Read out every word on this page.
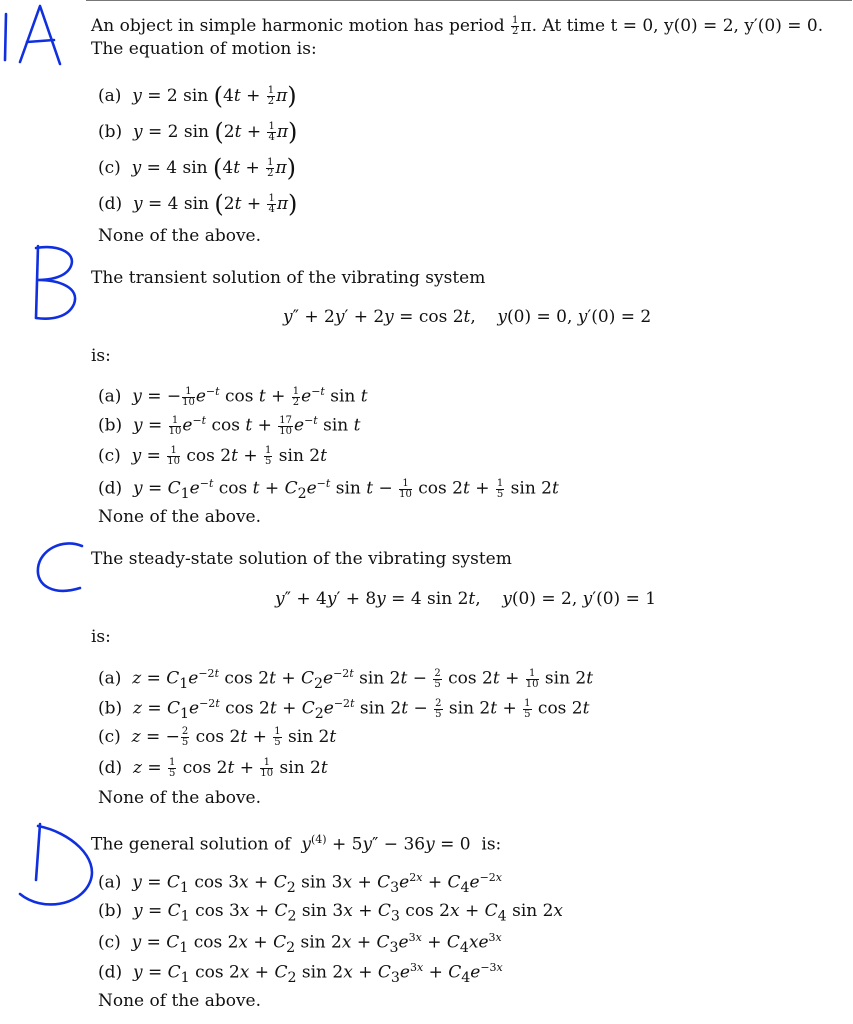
An object in simple harmonic motion has period $\frac{1}{2} \pi$. At time t = 0, y(0) = 2, y′(0) = 0.
The equation of motion is:
(a)  y = 2 $\sin (4t + \frac{1}{2} \pi)$
(b)  y = 2 $\sin (2t + \frac{1}{4} \pi)$
(c)  y = 4 $\sin (4t + \frac{1}{2} \pi)$
(d)  y = 4 $\sin (2t + \frac{1}{4} \pi)$
None of the above.
The transient solution of the vibrating system
y″ + 2y′ + 2y = cos 2t,    y(0) = 0, y′(0) = 2
is:
(a)  y = − $\frac{1}{10} e^{-t}$ $\cos t + \frac{1}{2} e^{-t}$ sin t
(b)  $y = \frac{1}{10} e^{-t}$ $\cos t + \frac{17}{10} e^{-t}$ sin t
(c)  $y = \frac{1}{10}$ $\cos 2t + \frac{1}{5}$ sin 2t
(d)  $y = C_1e^{-t}$ $\cos t + C_2e^{-t}$ $\sin t - \frac{1}{10}$ $\cos 2t + \frac{1}{5}$ sin 2t
None of the above.
The steady-state solution of the vibrating system
y″ + 4y′ + 8y = 4 sin 2t,    y(0) = 2, y′(0) = 1
is:
(a)  $z = C_1e^{-2t}$ $\cos 2t + C_2e^{-2t}$ $\sin 2t - \frac{2}{5}$ $\cos 2t + \frac{1}{10}$ sin 2t
(b)  $z = C_1e^{-2t}$ $\cos 2t + C_2e^{-2t}$ $\sin 2t - \frac{2}{5}$ $\sin 2t + \frac{1}{5}$ cos 2t
(c)  z = − $\frac{2}{5}$ $\cos 2t + \frac{1}{5}$ sin 2t
(d)  $z = \frac{1}{5}$ $\cos 2t + \frac{1}{10}$ sin 2t
None of the above.
The general solution of $y^{(4)} + 5y'' - 36y = 0$  is:
(a)  $y = C_1$ $\cos 3x + C_2$ $\sin 3x + C_3e^{2x} + C_4e^{-2x}$
(b)  $y = C_1$ $\cos 3x + C_2$ $\sin 3x + C_3$ $\cos 2x + C_4$ sin 2x
(c)  $y = C_1$ $\cos 2x + C_2$ $\sin 2x + C_3e^{3x} + C_4xe^{3x}$
(d)  $y = C_1$ $\cos 2x + C_2$ $\sin 2x + C_3e^{3x} + C_4e^{-3x}$
None of the above.
